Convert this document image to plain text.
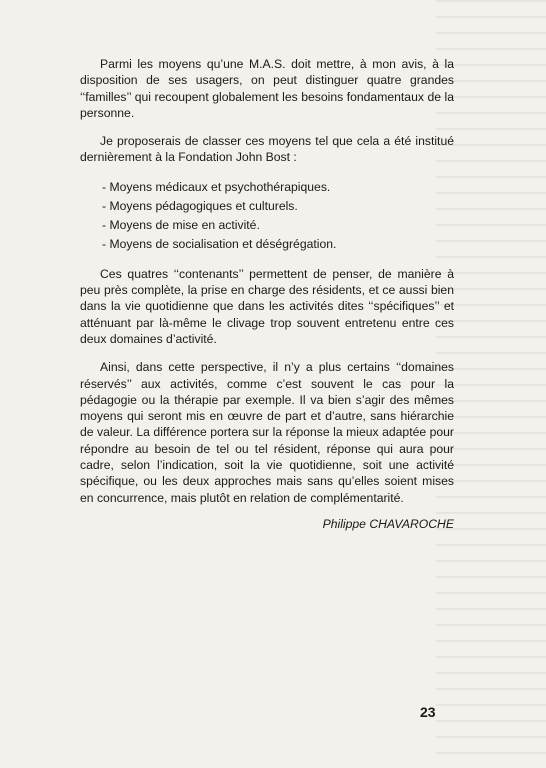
Parmi les moyens qu’une M.A.S. doit mettre, à mon avis, à la disposition de ses usagers, on peut distinguer quatre grandes ‘‘familles’’ qui recoupent globalement les besoins fondamentaux de la personne.

Je proposerais de classer ces moyens tel que cela a été institué dernièrement à la Fondation John Bost :

- Moyens médicaux et psychothérapiques.
- Moyens pédagogiques et culturels.
- Moyens de mise en activité.
- Moyens de socialisation et déségrégation.

Ces quatres ‘‘contenants’’ permettent de penser, de manière à peu près complète, la prise en charge des résidents, et ce aussi bien dans la vie quotidienne que dans les activités dites ‘‘spécifiques’’ et atténuant par là-même le clivage trop souvent entretenu entre ces deux domaines d’activité.

Ainsi, dans cette perspective, il n’y a plus certains ‘‘domaines réservés’’ aux activités, comme c’est souvent le cas pour la pédagogie ou la thérapie par exemple. Il va bien s’agir des mêmes moyens qui seront mis en œuvre de part et d’autre, sans hiérarchie de valeur. La différence portera sur la réponse la mieux adaptée pour répondre au besoin de tel ou tel résident, réponse qui aura pour cadre, selon l’indication, soit la vie quotidienne, soit une activité spécifique, ou les deux approches mais sans qu’elles soient mises en concurrence, mais plutôt en relation de complémentarité.

Philippe CHAVAROCHE

23
